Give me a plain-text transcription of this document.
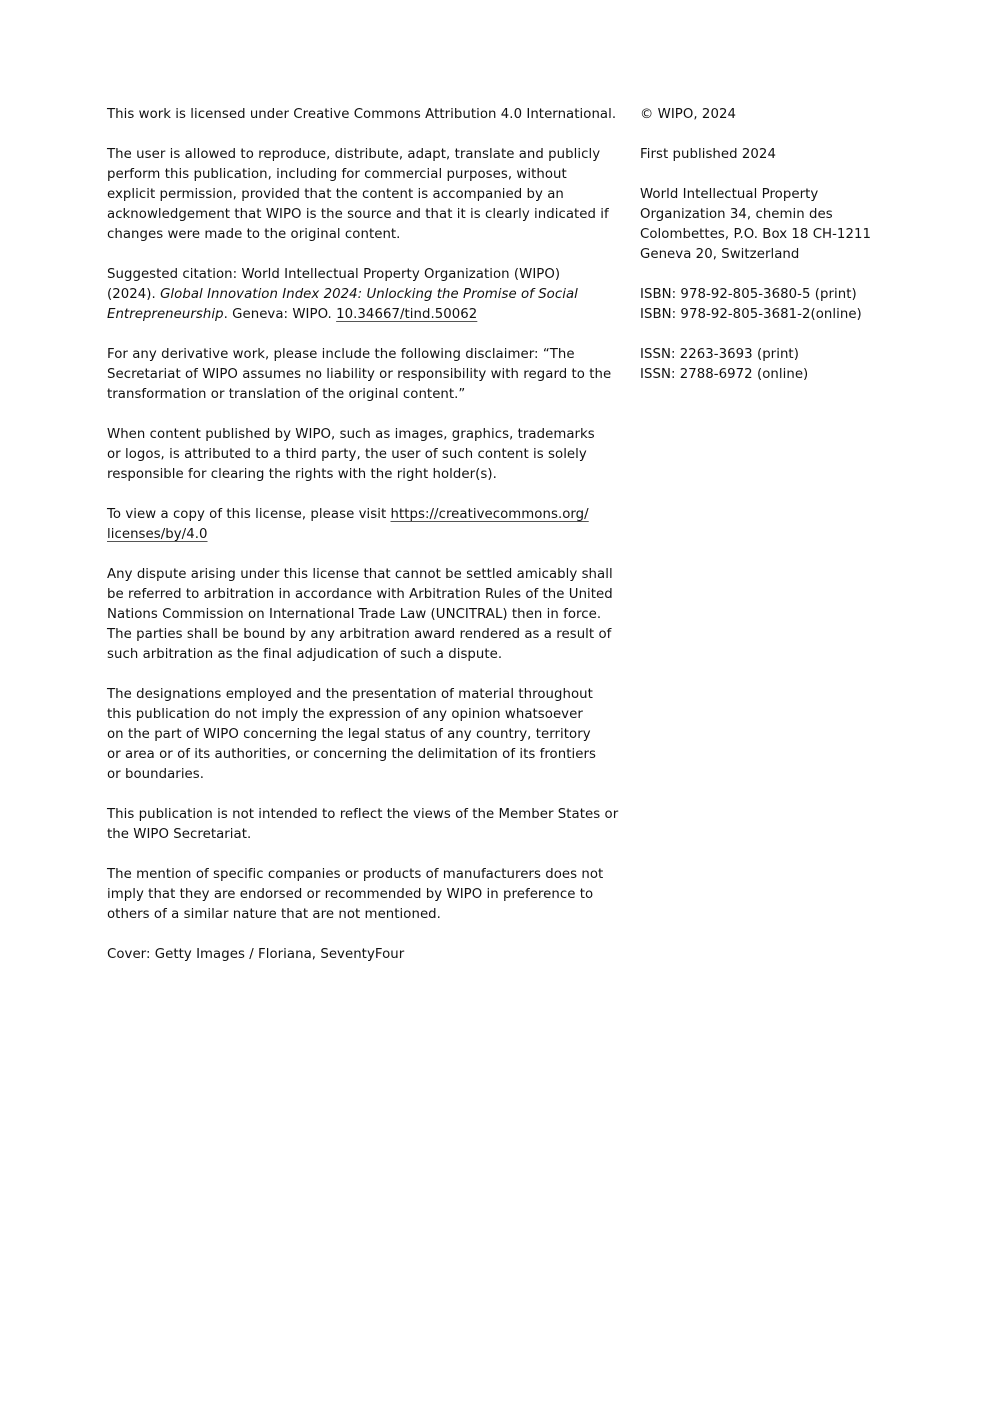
This work is licensed under Creative Commons Attribution 4.0 International.

The user is allowed to reproduce, distribute, adapt, translate and publicly
perform this publication, including for commercial purposes, without
explicit permission, provided that the content is accompanied by an
acknowledgement that WIPO is the source and that it is clearly indicated if
changes were made to the original content.

Suggested citation: World Intellectual Property Organization (WIPO)
(2024). Global Innovation Index 2024: Unlocking the Promise of Social
Entrepreneurship. Geneva: WIPO. 10.34667/tind.50062

For any derivative work, please include the following disclaimer: “The
Secretariat of WIPO assumes no liability or responsibility with regard to the
transformation or translation of the original content.”

When content published by WIPO, such as images, graphics, trademarks
or logos, is attributed to a third party, the user of such content is solely
responsible for clearing the rights with the right holder(s).

To view a copy of this license, please visit https://creativecommons.org/
licenses/by/4.0

Any dispute arising under this license that cannot be settled amicably shall
be referred to arbitration in accordance with Arbitration Rules of the United
Nations Commission on International Trade Law (UNCITRAL) then in force.
The parties shall be bound by any arbitration award rendered as a result of
such arbitration as the final adjudication of such a dispute.

The designations employed and the presentation of material throughout
this publication do not imply the expression of any opinion whatsoever
on the part of WIPO concerning the legal status of any country, territory
or area or of its authorities, or concerning the delimitation of its frontiers
or boundaries.

This publication is not intended to reflect the views of the Member States or
the WIPO Secretariat.

The mention of specific companies or products of manufacturers does not
imply that they are endorsed or recommended by WIPO in preference to
others of a similar nature that are not mentioned.

Cover: Getty Images / Floriana, SeventyFour

© WIPO, 2024

First published 2024

World Intellectual Property
Organization 34, chemin des
Colombettes, P.O. Box 18 CH-1211
Geneva 20, Switzerland

ISBN: 978-92-805-3680-5 (print)
ISBN: 978-92-805-3681-2(online)

ISSN: 2263-3693 (print)
ISSN: 2788-6972 (online)
